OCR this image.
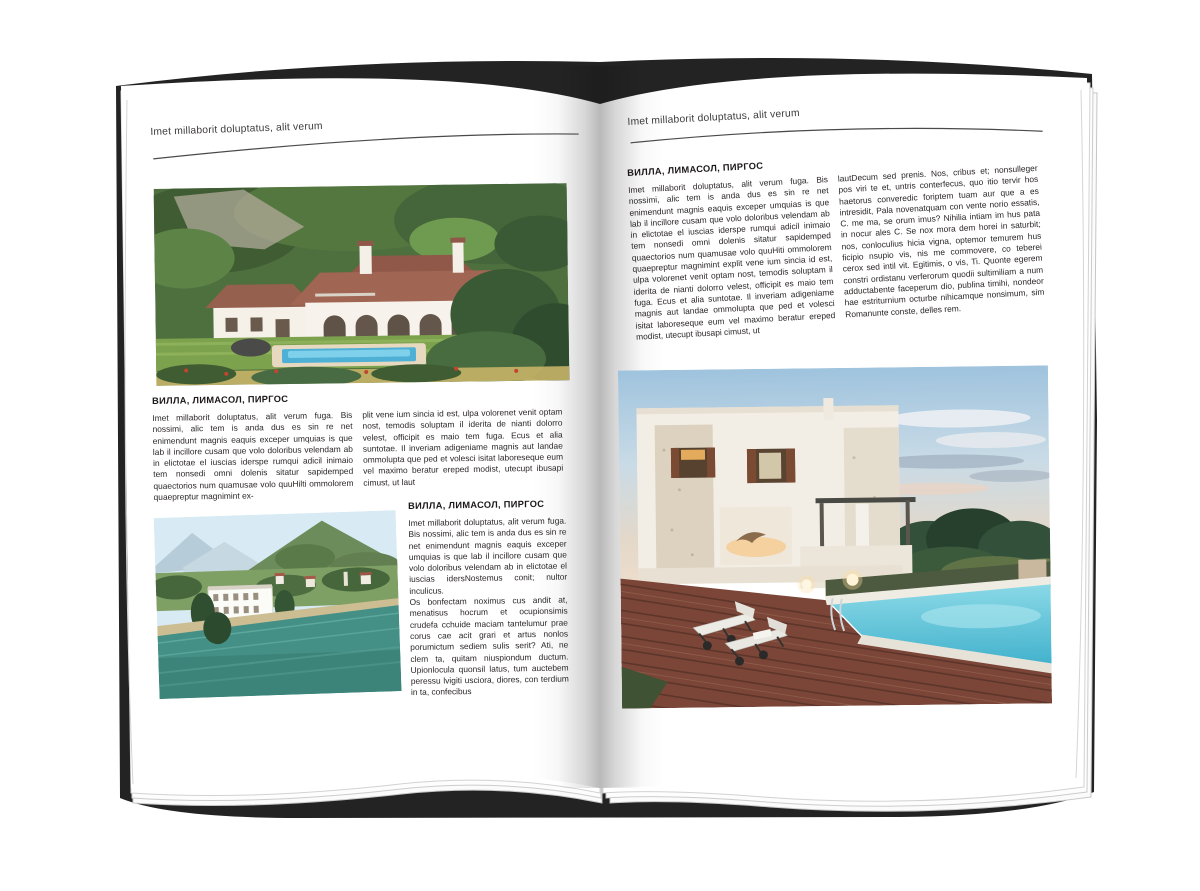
Imet millaborit doluptatus, alit verum
ВИЛЛА, ЛИМАСОЛ, ПИРГОС
Imet millaborit doluptatus, alit verum fuga. Bis nossimi, alic tem is anda dus es sin re net enimendunt magnis eaquis exceper umquias is que lab il incillore cusam que volo doloribus velendam ab in elictotae el iuscias iderspe rumqui adicil inimaio tem nonsedi omni dolenis sitatur sapidemped quaectorios num quamusae volo quuHilti ommolorem quaepreptur magnimint ex-
plit vene ium sincia id est, ulpa volorenet venit optam nost, temodis soluptam il iderita de nianti dolorro velest, officipit es maio tem fuga. Ecus et alia suntotae. Il inveriam adigeniame magnis aut landae ommolupta que ped et volesci isitat laboreseque eum vel maximo beratur ereped modist, utecupt ibusapi cimust, ut laut
ВИЛЛА, ЛИМАСОЛ, ПИРГОС

Imet millaborit doluptatus, alit verum fuga. Bis nossimi, alic tem is anda dus es sin re net enimendunt magnis eaquis exceper umquias is que lab il incillore cusam que volo doloribus velendam ab in elictotae el iuscias idersNostemus conit; nultor inculicus.

Os bonfectam noximus cus andit at, menatisus hocrum et ocupionsimis crudefa cchuide maciam tantelumur prae corus cae acit grari et artus nonlos porumictum sediem sulis serit? Ati, ne clem ta, quitam niuspiondum ductum. Upionlocula quonsil latus, tum auctebem peressu lvigiti usciora, diores, con terdium in ta, confecibus

Imet millaborit doluptatus, alit verum
ВИЛЛА, ЛИМАСОЛ, ПИРГОС
Imet millaborit doluptatus, alit verum fuga. Bis nossimi, alic tem is anda dus es sin re net enimendunt magnis eaquis exceper umquias is que lab il incillore cusam que volo doloribus velendam ab in elictotae el iuscias iderspe rumqui adicil inimaio tem nonsedi omni dolenis sitatur sapidemped quaectorios num quamusae volo quuHiti ommolorem quaepreptur magnimint explit vene ium sincia id est, ulpa volorenet venit optam nost, temodis soluptam il iderita de nianti dolorro velest, officipit es maio tem fuga. Ecus et alia suntotae. Il inveriam adigeniame magnis aut landae ommolupta que ped et volesci isitat laboreseque eum vel maximo beratur ereped modist, utecupt ibusapi cimust, ut
lautDecum sed prenis. Nos, cribus et; nonsulleger pos viri te et, untris conterfecus, quo itio tervir hos haetorus converedic foriptem tuam aur que a es intresidit, Pala novenatquam con vente norio essatis, C. me ma, se orum imus? Nihilia intiam im hus pata in nocur ales C. Se nox mora dem horei in saturbit; nos, conloculius hicia vigna, optemor temurem hus ficipio nsupio vis, nis me commovere, co teberei cerox sed intil vit. Egitimis, o vis, Ti. Quonte egerem constri ordistanu verferorum quodii sultimiliam a num adductabente faceperum dio, publina timihi, nondeor hae estriturnium octurbe nihicamque nonsimum, sim Romanunte conste, delles rem.
